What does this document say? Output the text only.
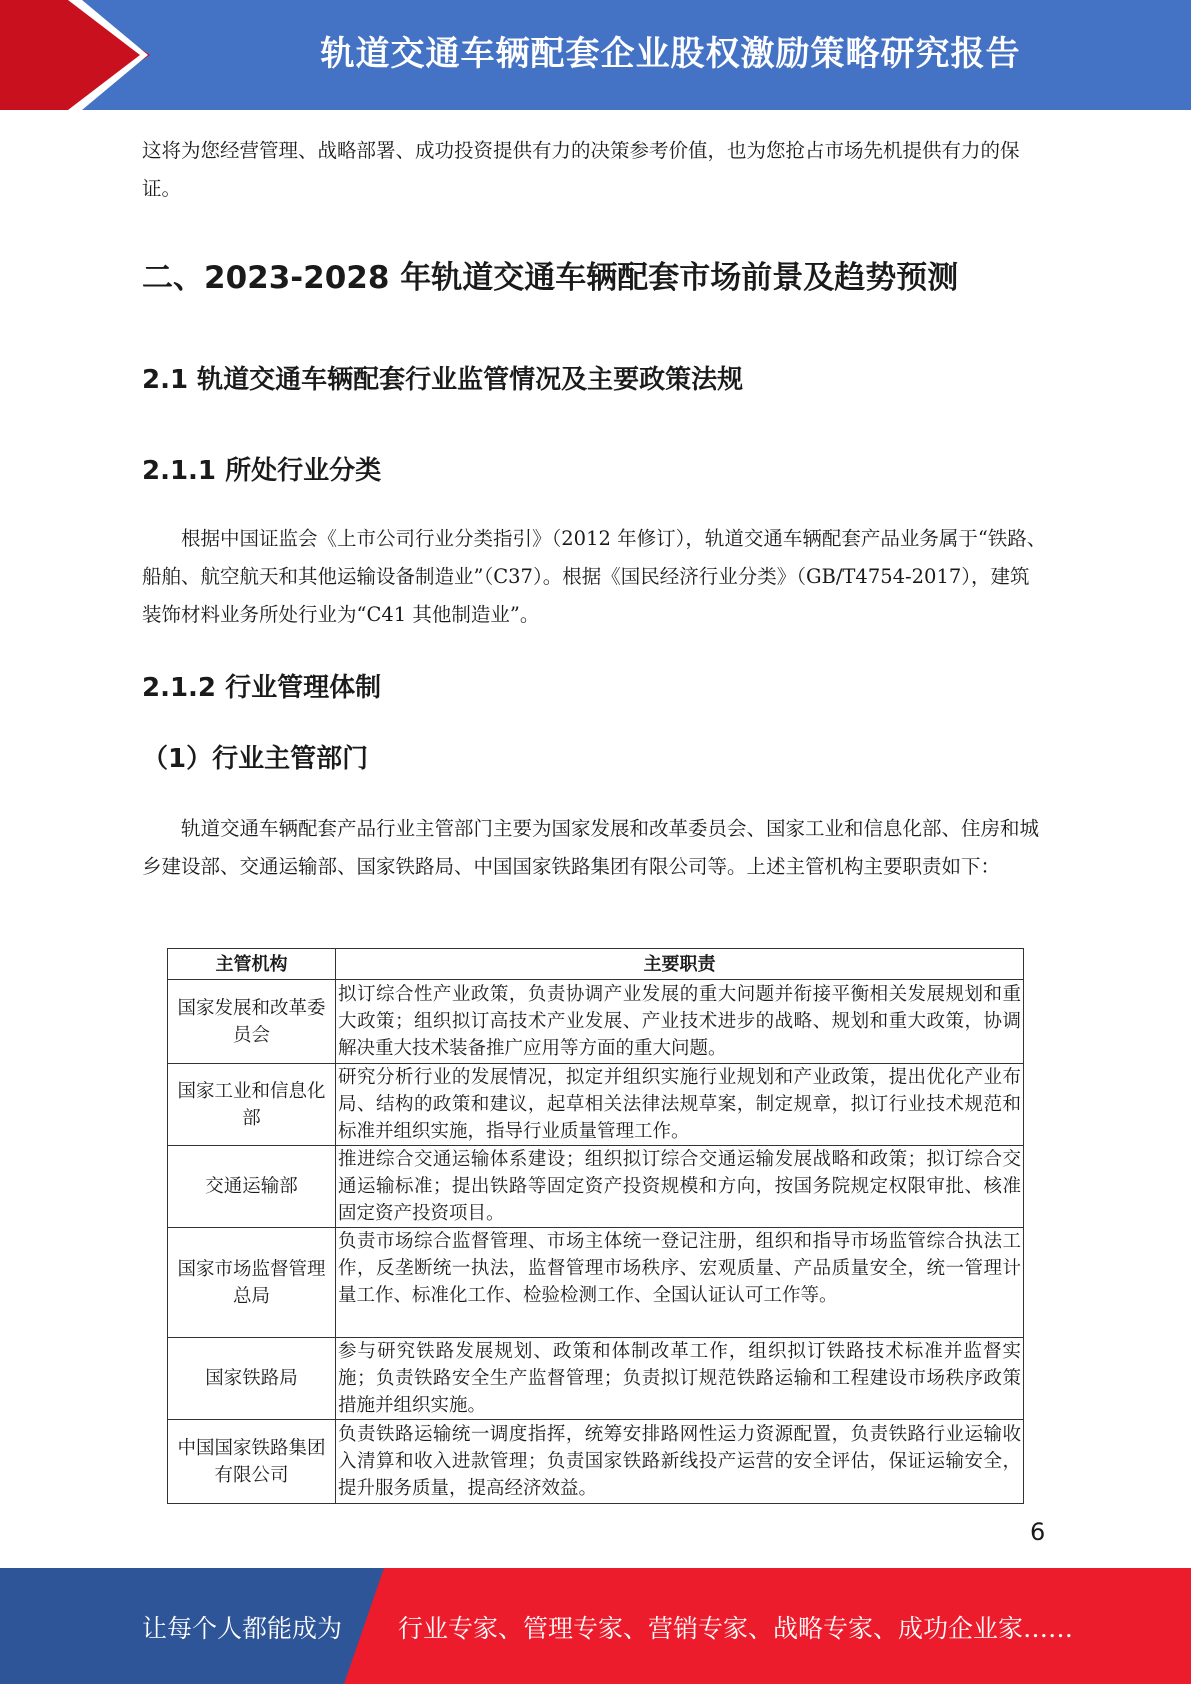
轨道交通车辆配套企业股权激励策略研究报告

这将为您经营管理、战略部署、成功投资提供有力的决策参考价值，也为您抢占市场先机提供有力的保证。

二、2023-2028 年轨道交通车辆配套市场前景及趋势预测
2.1 轨道交通车辆配套行业监管情况及主要政策法规
2.1.1 所处行业分类

根据中国证监会《上市公司行业分类指引》（2012 年修订），轨道交通车辆配套产品业务属于“铁路、船舶、航空航天和其他运输设备制造业”（C37）。根据《国民经济行业分类》（GB/T4754-2017），建筑装饰材料业务所处行业为“C41 其他制造业”。

2.1.2 行业管理体制
（1）行业主管部门

轨道交通车辆配套产品行业主管部门主要为国家发展和改革委员会、国家工业和信息化部、住房和城乡建设部、交通运输部、国家铁路局、中国国家铁路集团有限公司等。上述主管机构主要职责如下：

主管机构	主要职责
国家发展和改革委员会	拟订综合性产业政策，负责协调产业发展的重大问题并衔接平衡相关发展规划和重大政策；组织拟订高技术产业发展、产业技术进步的战略、规划和重大政策，协调解决重大技术装备推广应用等方面的重大问题。
国家工业和信息化部	研究分析行业的发展情况，拟定并组织实施行业规划和产业政策，提出优化产业布局、结构的政策和建议，起草相关法律法规草案，制定规章，拟订行业技术规范和标准并组织实施，指导行业质量管理工作。
交通运输部	推进综合交通运输体系建设；组织拟订综合交通运输发展战略和政策；拟订综合交通运输标准；提出铁路等固定资产投资规模和方向，按国务院规定权限审批、核准固定资产投资项目。
国家市场监督管理总局	负责市场综合监督管理、市场主体统一登记注册，组织和指导市场监管综合执法工作，反垄断统一执法，监督管理市场秩序、宏观质量、产品质量安全，统一管理计量工作、标准化工作、检验检测工作、全国认证认可工作等。
国家铁路局	参与研究铁路发展规划、政策和体制改革工作，组织拟订铁路技术标准并监督实施；负责铁路安全生产监督管理；负责拟订规范铁路运输和工程建设市场秩序政策措施并组织实施。
中国国家铁路集团有限公司	负责铁路运输统一调度指挥，统筹安排路网性运力资源配置，负责铁路行业运输收入清算和收入进款管理；负责国家铁路新线投产运营的安全评估，保证运输安全，提升服务质量，提高经济效益。
6
让每个人都能成为 行业专家、管理专家、营销专家、战略专家、成功企业家……
